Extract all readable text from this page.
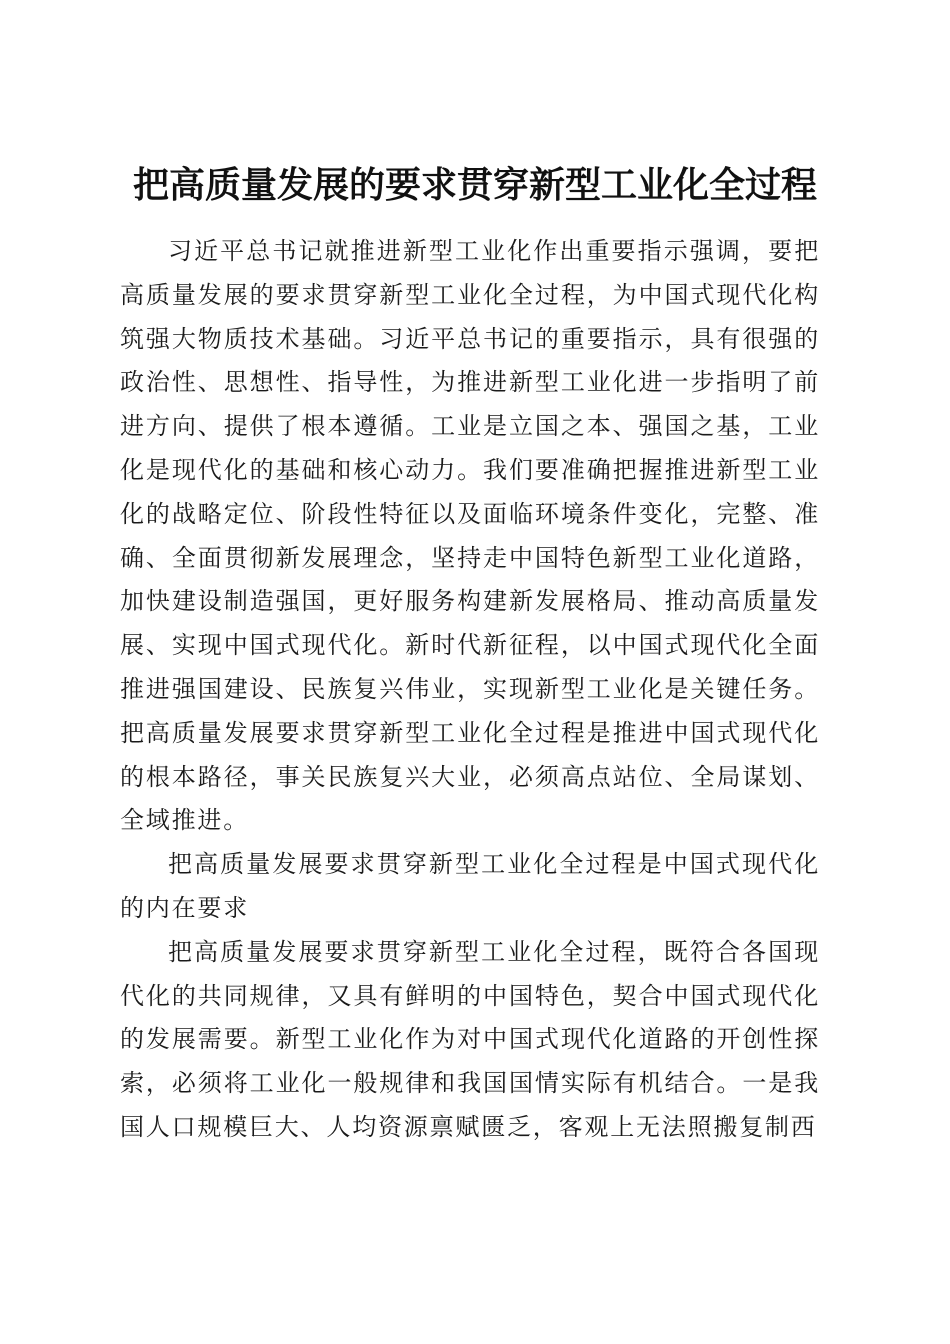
把高质量发展的要求贯穿新型工业化全过程

习近平总书记就推进新型工业化作出重要指示强调，要把高质量发展的要求贯穿新型工业化全过程，为中国式现代化构筑强大物质技术基础。习近平总书记的重要指示，具有很强的政治性、思想性、指导性，为推进新型工业化进一步指明了前进方向、提供了根本遵循。工业是立国之本、强国之基，工业化是现代化的基础和核心动力。我们要准确把握推进新型工业化的战略定位、阶段性特征以及面临环境条件变化，完整、准确、全面贯彻新发展理念，坚持走中国特色新型工业化道路，加快建设制造强国，更好服务构建新发展格局、推动高质量发展、实现中国式现代化。新时代新征程，以中国式现代化全面推进强国建设、民族复兴伟业，实现新型工业化是关键任务。把高质量发展要求贯穿新型工业化全过程是推进中国式现代化的根本路径，事关民族复兴大业，必须高点站位、全局谋划、全域推进。

把高质量发展要求贯穿新型工业化全过程是中国式现代化的内在要求

把高质量发展要求贯穿新型工业化全过程，既符合各国现代化的共同规律，又具有鲜明的中国特色，契合中国式现代化的发展需要。新型工业化作为对中国式现代化道路的开创性探索，必须将工业化一般规律和我国国情实际有机结合。一是我国人口规模巨大、人均资源禀赋匮乏，客观上无法照搬复制西
